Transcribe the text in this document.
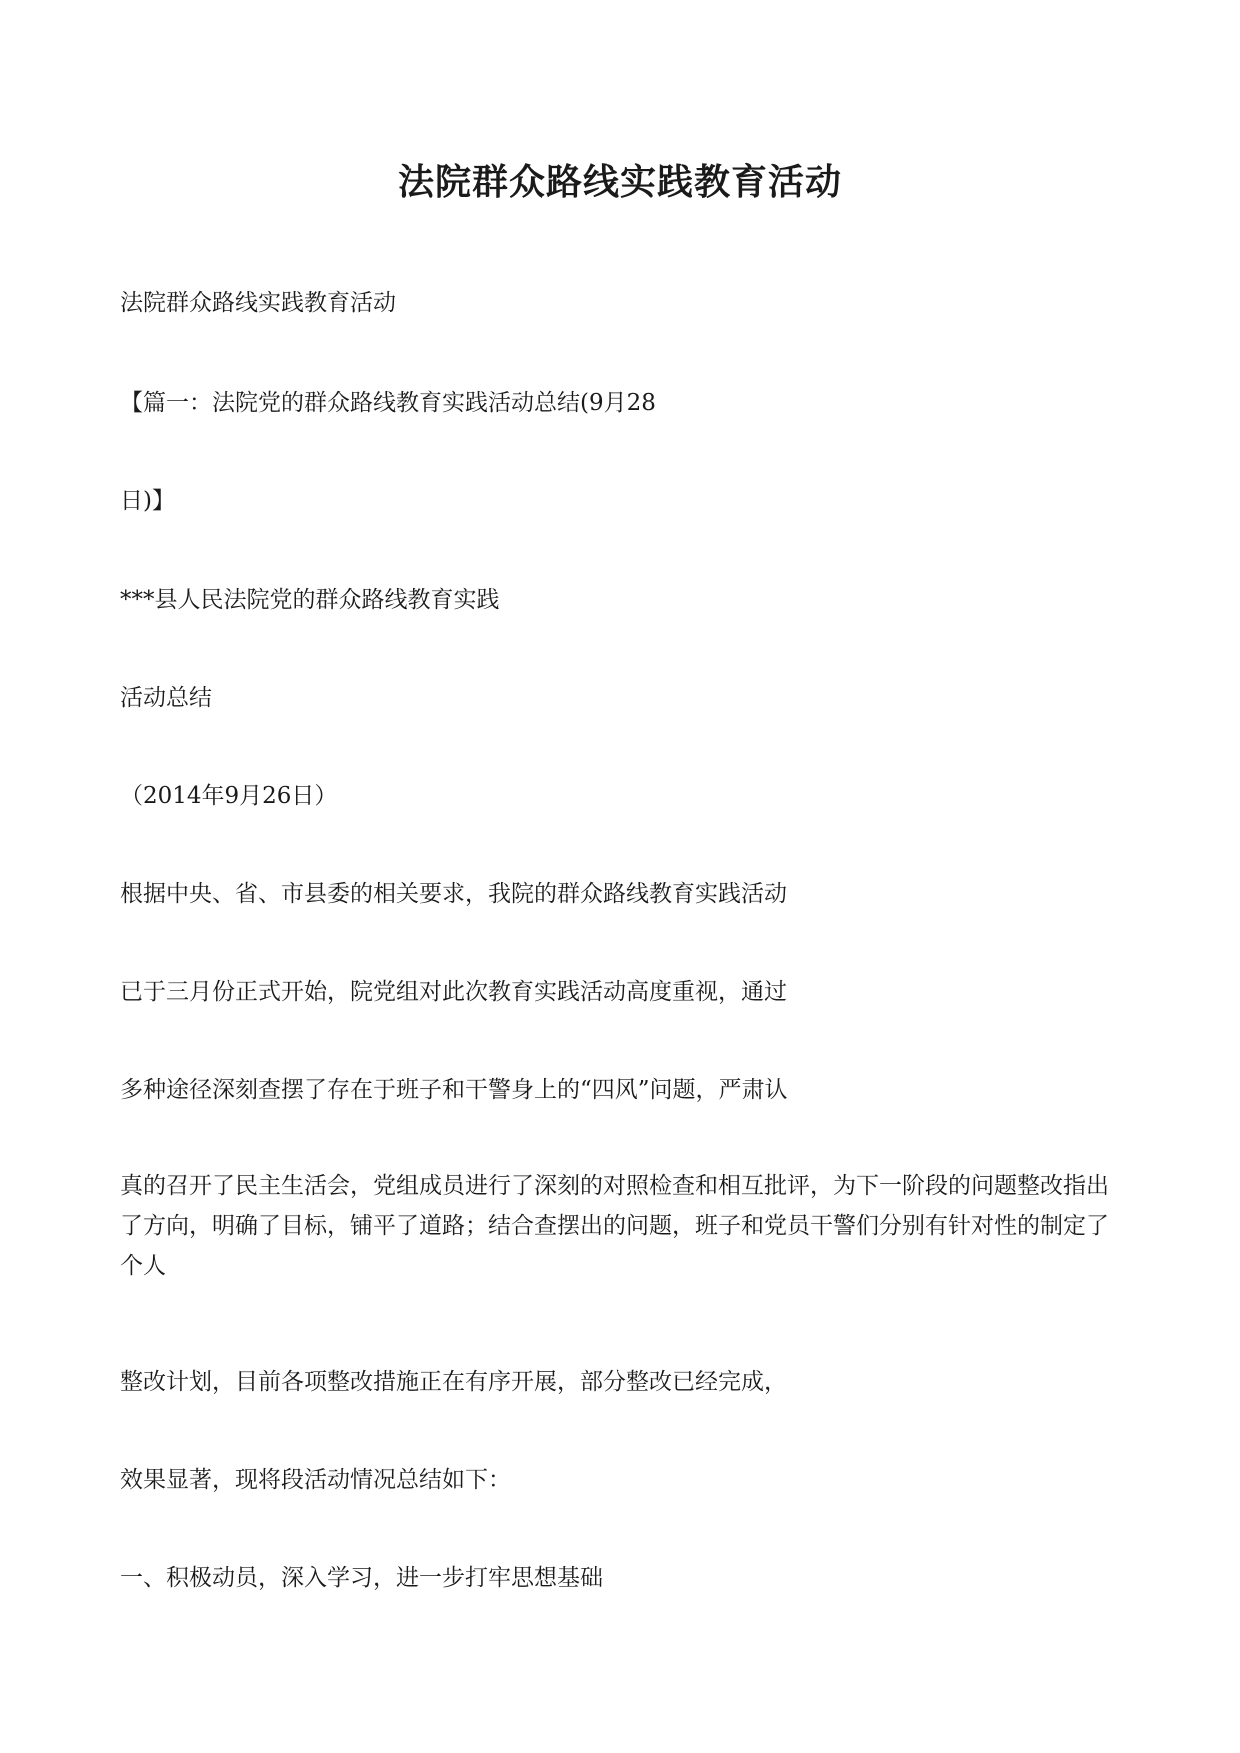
法院群众路线实践教育活动

法院群众路线实践教育活动

【篇一：法院党的群众路线教育实践活动总结(9月28

日)】

***县人民法院党的群众路线教育实践

活动总结

（2014年9月26日）

根据中央、省、市县委的相关要求，我院的群众路线教育实践活动

已于三月份正式开始，院党组对此次教育实践活动高度重视，通过

多种途径深刻查摆了存在于班子和干警身上的“四风”问题，严肃认

真的召开了民主生活会，党组成员进行了深刻的对照检查和相互批评，为下一阶段的问题整改指出了方向，明确了目标，铺平了道路；结合查摆出的问题，班子和党员干警们分别有针对性的制定了个人

整改计划，目前各项整改措施正在有序开展，部分整改已经完成，

效果显著，现将段活动情况总结如下：

一、积极动员，深入学习，进一步打牢思想基础
